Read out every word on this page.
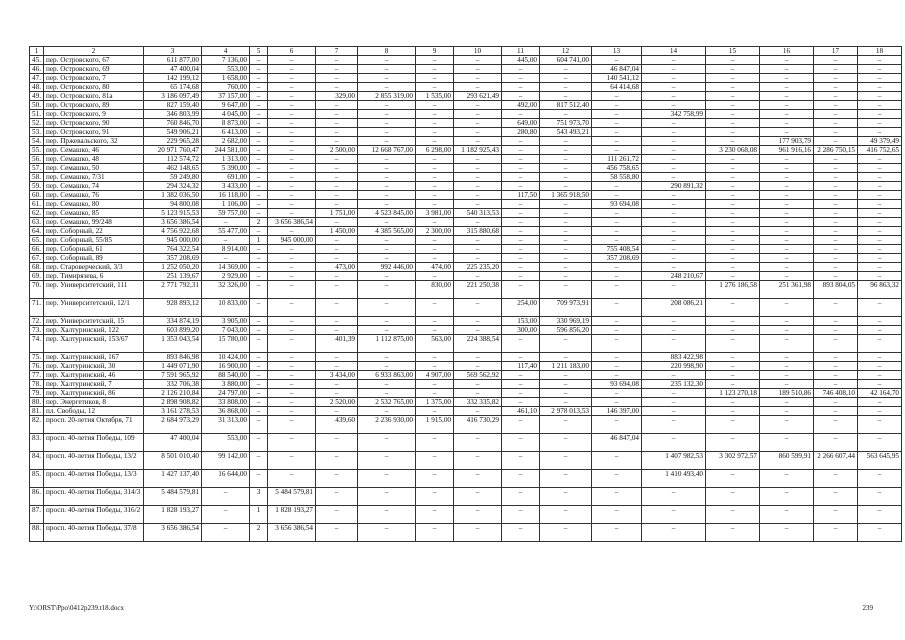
1	2	3	4	5	6	7	8	9	10	11	12	13	14	15	16	17	18
45.	пер. Островского, 67	611 877,00	7 136,00	–	–	–	–	–	–	445,00	604 741,00	–	–	–	–	–	–
46.	пер. Островского, 69	47 400,04	553,00	–	–	–	–	–	–	–	–	46 847,04	–	–	–	–	–
47.	пер. Островского, 7	142 199,12	1 658,00	–	–	–	–	–	–	–	–	140 541,12	–	–	–	–	–
48.	пер. Островского, 80	65 174,68	760,00	–	–	–	–	–	–	–	–	64 414,68	–	–	–	–	–
49.	пер. Островского, 81а	3 186 097,49	37 157,00	–	–	329,00	2 855 319,00	1 535,00	293 621,49	–	–	–	–	–	–	–	–
50.	пер. Островского, 89	827 159,40	9 647,00	–	–	–	–	–	–	492,00	817 512,40	–	–	–	–	–	–
51.	пер. Островского, 9	346 803,99	4 045,00	–	–	–	–	–	–	–	–	–	342 758,99	–	–	–	–
52.	пер. Островского, 90	760 846,70	8 873,00	–	–	–	–	–	–	649,00	751 973,70	–	–	–	–	–	–
53.	пер. Островского, 91	549 906,21	6 413,00	–	–	–	–	–	–	280,80	543 493,21	–	–	–	–	–	–
54.	пер. Пржевальского, 32	229 965,28	2 682,00	–	–	–	–	–	–	–	–	–	–	–	177 903,79	–	49 379,49
55.	пер. Семашко, 46	20 971 760,47	244 581,00	–	–	2 500,00	12 668 767,00	6 298,00	1 182 925,43	–	–	–	–	3 230 068,08	961 916,16	2 286 750,15	416 752,65
56.	пер. Семашко, 48	112 574,72	1 313,00	–	–	–	–	–	–	–	–	111 261,72	–	–	–	–	–
57.	пер. Семашко, 50	462 148,65	5 390,00	–	–	–	–	–	–	–	–	456 758,65	–	–	–	–	–
58.	пер. Семашко, 7/31	59 249,80	691,00	–	–	–	–	–	–	–	–	58 558,80	–	–	–	–	–
59.	пер. Семашко, 74	294 324,32	3 433,00	–	–	–	–	–	–	–	–	–	290 891,32	–	–	–	–
60.	пер. Семашко, 76	1 382 036,50	16 118,00	–	–	–	–	–	–	117,50	1 365 918,50	–	–	–	–	–	–
61.	пер. Семашко, 80	94 800,08	1 106,00	–	–	–	–	–	–	–	–	93 694,08	–	–	–	–	–
62.	пер. Семашко, 85	5 123 915,53	59 757,00	–	–	1 751,00	4 523 845,00	3 981,00	540 313,53	–	–	–	–	–	–	–	–
63.	пер. Семашко, 99/248	3 656 386,54	–	2	3 656 386,54	–	–	–	–	–	–	–	–	–	–	–	–
64.	пер. Соборный, 22	4 756 922,68	55 477,00	–	–	1 450,00	4 385 565,00	2 300,00	315 880,68	–	–	–	–	–	–	–	–
65.	пер. Соборный, 55/85	945 000,00	–	1	945 000,00	–	–	–	–	–	–	–	–	–	–	–	–
66.	пер. Соборный, 61	764 322,54	8 914,00	–	–	–	–	–	–	–	–	755 408,54	–	–	–	–	–
67.	пер. Соборный, 89	357 208,69	–	–	–	–	–	–	–	–	–	357 208,69	–	–	–	–	–
68.	пер. Староверческий, 3/3	1 252 050,20	14 369,00	–	–	473,00	992 446,00	474,00	225 235,20	–	–	–	–	–	–	–	–
69.	пер. Тимирязева, 6	251 139,67	2 929,00	–	–	–	–	–	–	–	–	–	248 210,67	–	–	–	–
70.	пер. Университетский, 111	2 771 792,31	32 326,00	–	–	–	–	830,00	221 250,38	–	–	–	–	1 276 186,58	251 361,98	893 804,05	96 863,32
71.	пер. Университетский, 12/1	928 893,12	10 833,00	–	–	–	–	–	–	254,00	709 973,91	–	208 086,21	–	–	–	–
72.	пер. Университетский, 15	334 874,19	3 905,00	–	–	–	–	–	–	153,00	330 969,19	–	–	–	–	–	–
73.	пер. Халтуринский, 122	603 899,20	7 043,00	–	–	–	–	–	–	300,00	596 856,20	–	–	–	–	–	–
74.	пер. Халтуринский, 153/67	1 353 043,54	15 780,00	–	–	401,39	1 112 875,00	563,00	224 388,54	–	–	–	–	–	–	–	–
75.	пер. Халтуринский, 167	893 846,98	10 424,00	–	–	–	–	–	–	–	–	–	883 422,98	–	–	–	–
76.	пер. Халтуринский, 30	1 449 071,90	16 900,00	–	–	–	–	–	–	117,40	1 211 183,00	–	220 998,90	–	–	–	–
77.	пер. Халтуринский, 46	7 591 965,92	88 540,00	–	–	3 434,00	6 933 863,00	4 907,00	569 562,92	–	–	–	–	–	–	–	–
78.	пер. Халтуринский, 7	332 706,38	3 880,00	–	–	–	–	–	–	–	–	93 694,08	235 132,30	–	–	–	–
79.	пер. Халтуринский, 86	2 126 210,84	24 797,00	–	–	–	–	–	–	–	–	–	–	1 123 270,18	189 510,86	746 408,10	42 164,70
80.	пер. Энергетиков, 8	2 898 908,82	33 808,00	–	–	2 520,00	2 532 765,00	1 375,00	332 335,82	–	–	–	–	–	–	–	–
81.	пл. Свободы, 12	3 161 278,53	36 868,00	–	–	–	–	–	–	461,10	2 978 013,53	146 397,00	–	–	–	–	–
82.	просп. 20-летия Октября, 71	2 684 973,29	31 313,00	–	–	439,60	2 236 930,00	1 915,00	416 730,29	–	–	–	–	–	–	–	–
83.	просп. 40-летия Победы, 109	47 400,04	553,00	–	–	–	–	–	–	–	–	46 847,04	–	–	–	–	–
84.	просп. 40-летия Победы, 13/2	8 501 010,40	99 142,00	–	–	–	–	–	–	–	–	–	1 407 982,53	3 302 972,57	860 599,91	2 266 607,44	563 645,95
85.	просп. 40-летия Победы, 13/3	1 427 137,40	16 644,00	–	–	–	–	–	–	–	–	–	1 410 493,40	–	–	–	–
86.	просп. 40-летия Победы, 314/3	5 484 579,81	–	3	5 484 579,81	–	–	–	–	–	–	–	–	–	–	–	–
87.	просп. 40-летия Победы, 316/2	1 828 193,27	–	1	1 828 193,27	–	–	–	–	–	–	–	–	–	–	–	–
88.	просп. 40-летия Победы, 37/8	3 656 386,54	–	2	3 656 386,54	–	–	–	–	–	–	–	–	–	–	–	–
Y:\ORST\Ppo\0412p239.t18.docx	239
